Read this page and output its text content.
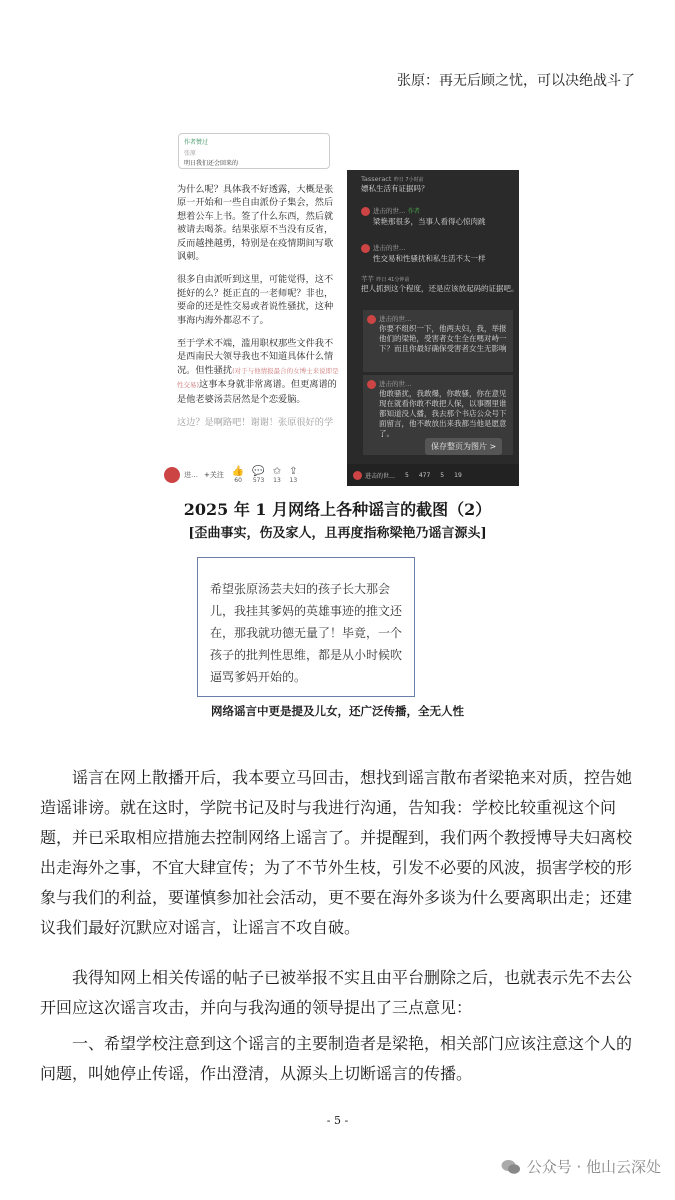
张原：再无后顾之忧，可以决绝战斗了
作者赞过
张原
明日我们还会回来的

为什么呢？具体我不好透露，大概是张原一开始和一些自由派份子集会，然后想着公车上书。签了什么东西，然后就被请去喝茶。结果张原不当没有反省，反而越挫越勇，特别是在疫情期间写歌讽刺。

很多自由派听到这里，可能觉得，这不挺好的么？挺正直的一老师呢？非也，要命的还是性交易或者说性骚扰，这种事海内海外都忍不了。

至于学术不端，滥用职权那些文件我不是西南民大领导我也不知道具体什么情况。但性骚扰(对于与他情报最合的女博士来说即是性交易)这事本身就非常离谱。但更离谱的是他老婆汤芸居然是个恋爱脑。

这边？是啊路吧！谢谢！张原很好的学

进… +关注 👍
60
💬
573
✩
13
⇪
13
Tasseract 昨日 7小时前
嫖私生活有证据吗？
进击的世… 作者
梁艳那很多，当事人看得心惊肉跳
进击的世…
性交易和性骚扰和私生活不太一样
芊芊 昨日 41分钟前
把人抓到这个程度，还是应该放起码的证据吧。
进击的世…
你要不组织一下，他两夫妇，我，举报他们的梁艳，受害者女生全在嗎对峙一下？而且你最好确保受害者女生无影响
进击的世…
他敢骚扰，我敢爆，你敢骚，你在意见现在就看你敢不敢把人保，以事圈里谁都知道没人播，我去那个书店公众号下面留言，他不敢放出来我都当他是愿意了。
保存整页为图片 >
进击的世… 5 477 5 19
2025 年 1 月网络上各种谣言的截图（2）
[歪曲事实，伤及家人，且再度指称梁艳乃谣言源头]
希望张原汤芸夫妇的孩子长大那会儿，我挂其爹妈的英雄事迹的推文还在，那我就功德无量了！毕竟，一个孩子的批判性思维，都是从小时候吹逼骂爹妈开始的。
网络谣言中更是提及儿女，还广泛传播，全无人性
谣言在网上散播开后，我本要立马回击，想找到谣言散布者梁艳来对质，控告她造谣诽谤。就在这时，学院书记及时与我进行沟通，告知我：学校比较重视这个问题，并已采取相应措施去控制网络上谣言了。并提醒到，我们两个教授博导夫妇离校出走海外之事，不宜大肆宣传；为了不节外生枝，引发不必要的风波，损害学校的形象与我们的利益，要谨慎参加社会活动，更不要在海外多谈为什么要离职出走；还建议我们最好沉默应对谣言，让谣言不攻自破。
我得知网上相关传谣的帖子已被举报不实且由平台删除之后，也就表示先不去公开回应这次谣言攻击，并向与我沟通的领导提出了三点意见：
一、希望学校注意到这个谣言的主要制造者是梁艳，相关部门应该注意这个人的问题，叫她停止传谣，作出澄清，从源头上切断谣言的传播。
- 5 -
公众号 · 他山云深处
